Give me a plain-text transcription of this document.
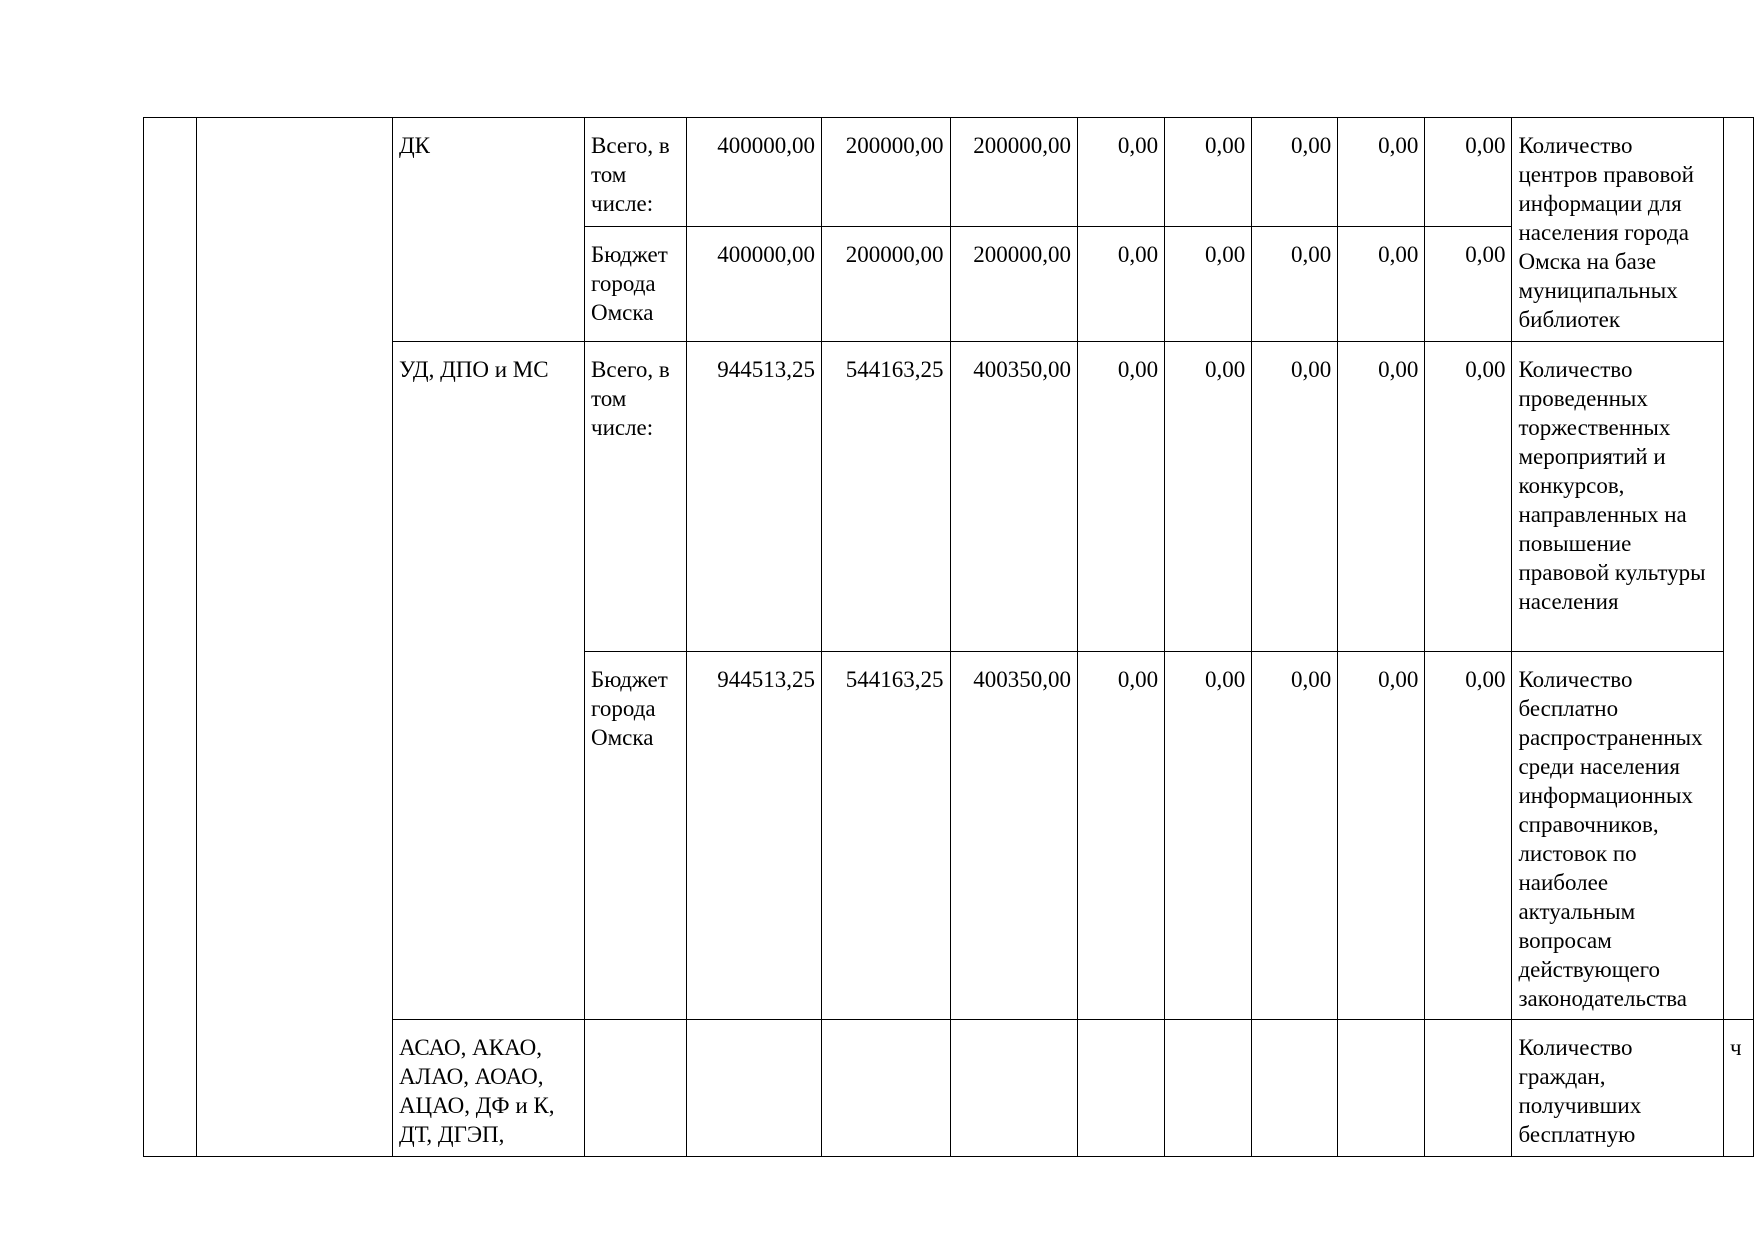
		ДК	Всего, в том числе:	400000,00	200000,00	200000,00	0,00	0,00	0,00	0,00	0,00	Количество центров правовой информации для населения города Омска на базе муниципальных библиотек	
			Бюджет города Омска	400000,00	200000,00	200000,00	0,00	0,00	0,00	0,00	0,00		
		УД, ДПО и МС	Всего, в том числе:	944513,25	544163,25	400350,00	0,00	0,00	0,00	0,00	0,00	Количество проведенных торжественных мероприятий и конкурсов, направленных на повышение правовой культуры населения	
			Бюджет города Омска	944513,25	544163,25	400350,00	0,00	0,00	0,00	0,00	0,00	Количество бесплатно распространенных среди населения информационных справочников, листовок по наиболее актуальным вопросам действующего законодательства	
		АСАО, АКАО, АЛАО, АОАО, АЦАО, ДФ и К, ДТ, ДГЭП,										Количество граждан, получивших бесплатную	ч
